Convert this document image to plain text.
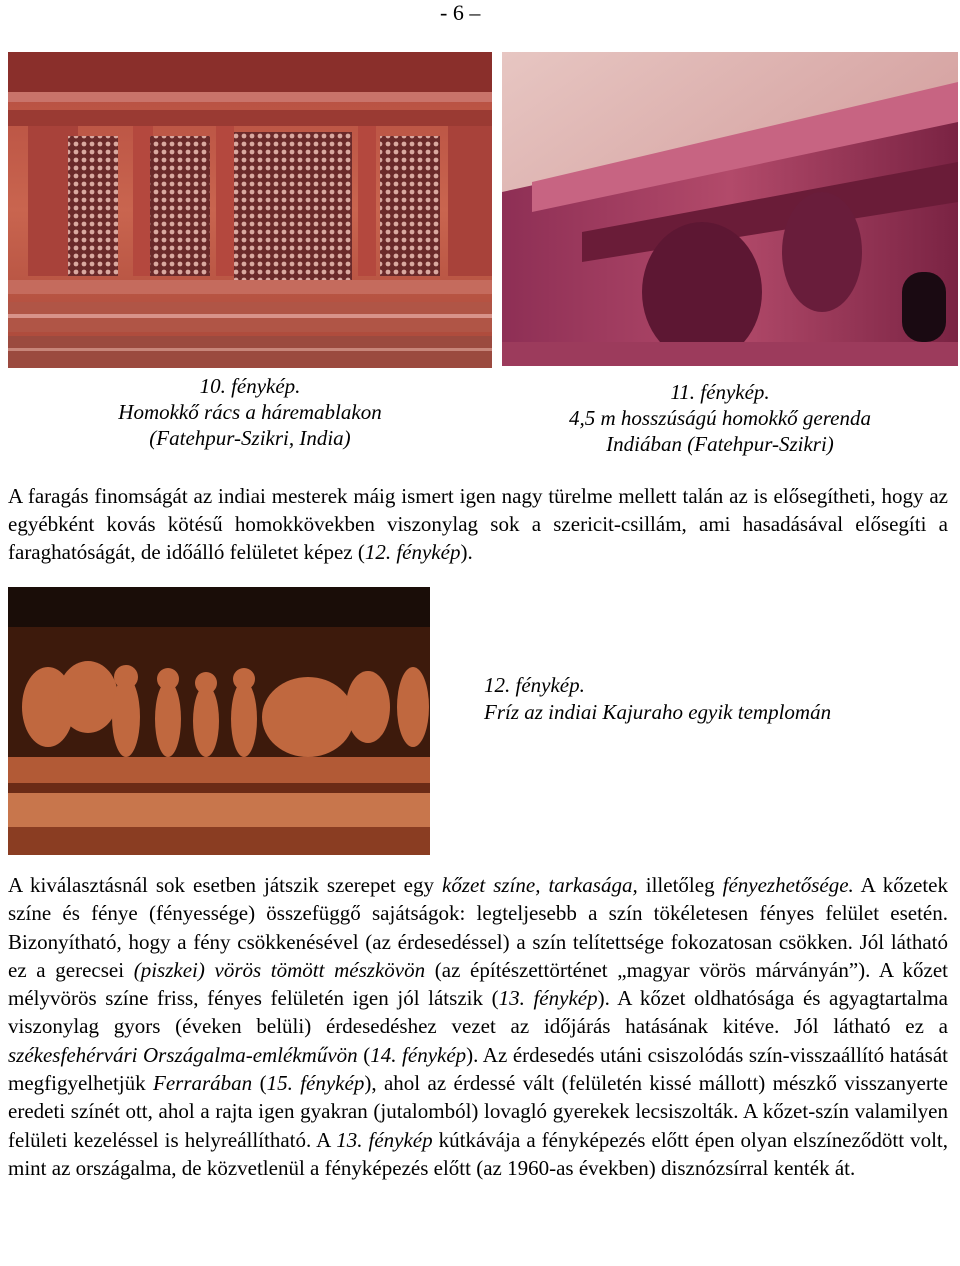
- 6 –
10. fénykép.
Homokkő rács a háremablakon
(Fatehpur-Szikri, India)
11. fénykép.
4,5 m hosszúságú homokkő gerenda
Indiában (Fatehpur-Szikri)
A faragás finomságát az indiai mesterek máig ismert igen nagy türelme mellett talán az is elősegítheti, hogy az egyébként kovás kötésű homokkövekben viszonylag sok a szericit-csillám, ami hasadásával elősegíti a faraghatóságát, de időálló felületet képez (12. fénykép).
12. fénykép.
Fríz az indiai Kajuraho egyik templomán
A kiválasztásnál sok esetben játszik szerepet egy kőzet színe, tarkasága, illetőleg fényezhetősége. A kőzetek színe és fénye (fényessége) összefüggő sajátságok: legteljesebb a szín tökéletesen fényes felület esetén. Bizonyítható, hogy a fény csökkenésével (az érdesedéssel) a szín telítettsége fokozatosan csökken. Jól látható ez a gerecsei (piszkei) vörös tömött mészkövön (az építészettörténet „magyar vörös márványán”). A kőzet mélyvörös színe friss, fényes felületén igen jól látszik (13. fénykép). A kőzet oldhatósága és agyagtartalma viszonylag gyors (éveken belüli) érdesedéshez vezet az időjárás hatásának kitéve. Jól látható ez a székesfehérvári Országalma-emlékművön (14. fénykép). Az érdesedés utáni csiszolódás szín-visszaállító hatását megfigyelhetjük Ferrarában (15. fénykép), ahol az érdessé vált (felületén kissé mállott) mészkő visszanyerte eredeti színét ott, ahol a rajta igen gyakran (jutalomból) lovagló gyerekek lecsiszolták. A kőzet-szín valamilyen felületi kezeléssel is helyreállítható. A 13. fénykép kútkávája a fényképezés előtt épen olyan elszíneződött volt, mint az országalma, de közvetlenül a fényképezés előtt (az 1960-as években) disznózsírral kenték át.
